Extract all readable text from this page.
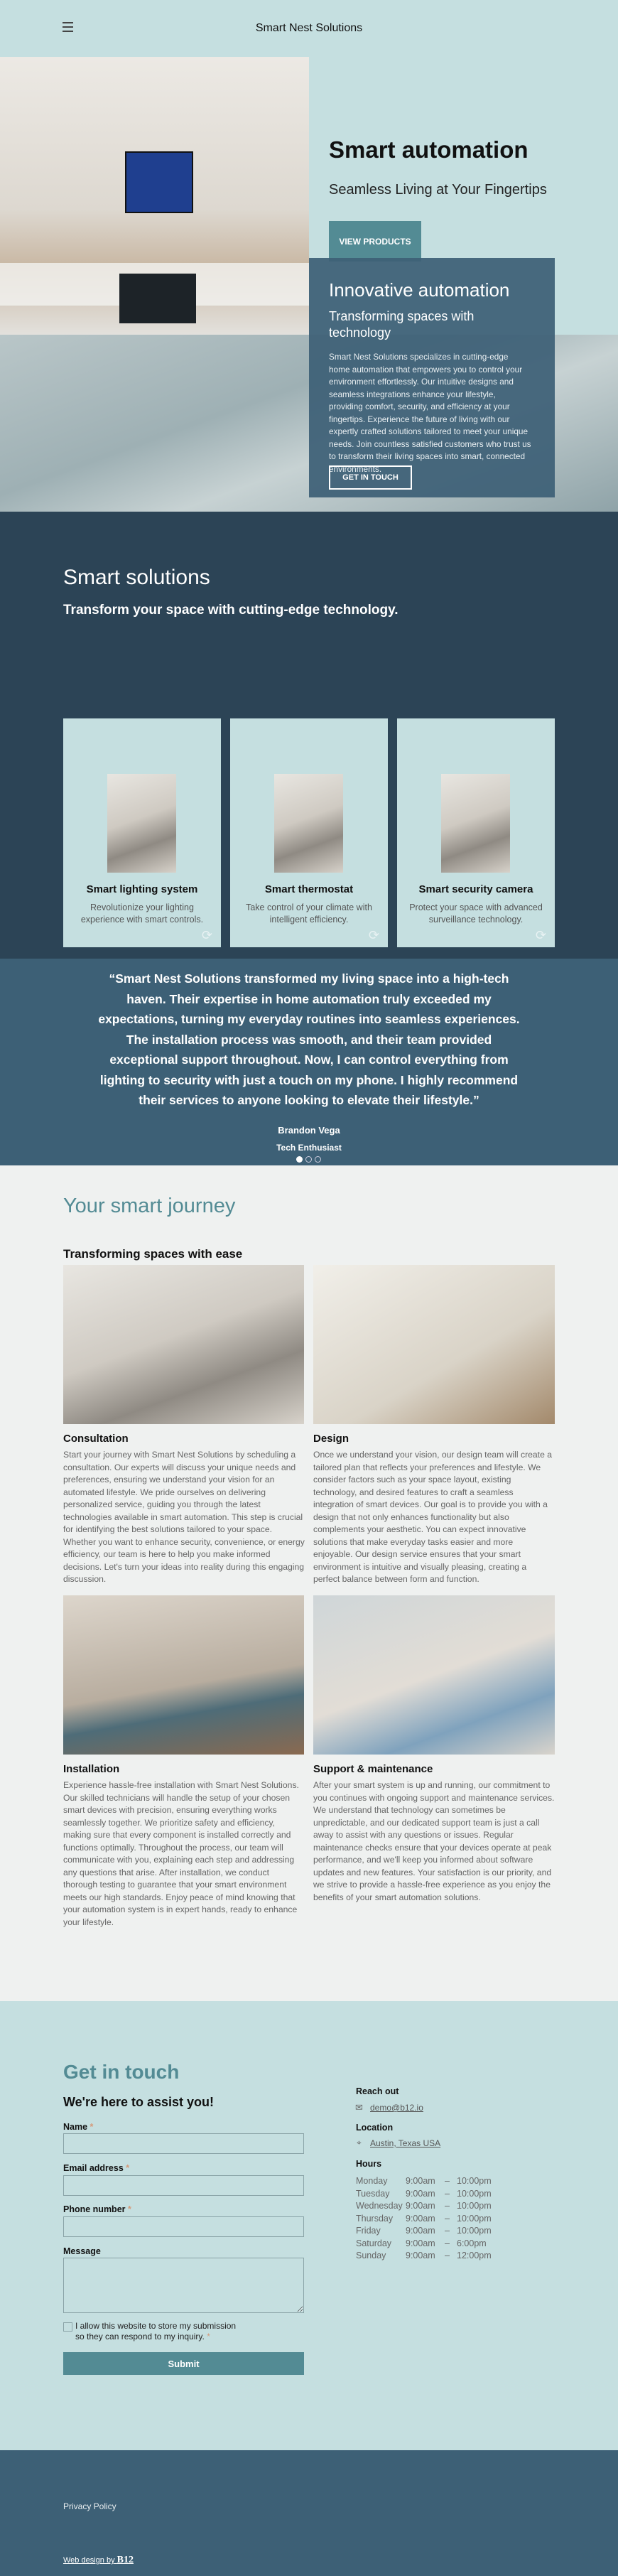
Smart Nest Solutions
Smart automation
Seamless Living at Your Fingertips
VIEW PRODUCTS
Innovative automation
Transforming spaces with technology

Smart Nest Solutions specializes in cutting-edge home automation that empowers you to control your environment effortlessly. Our intuitive designs and seamless integrations enhance your lifestyle, providing comfort, security, and efficiency at your fingertips. Experience the future of living with our expertly crafted solutions tailored to meet your unique needs. Join countless satisfied customers who trust us to transform their living spaces into smart, connected environments.

GET IN TOUCH
Smart solutions
Transform your space with cutting-edge technology.
Smart lighting system

Revolutionize your lighting experience with smart controls.

⟳
Smart thermostat

Take control of your climate with intelligent efficiency.

⟳
Smart security camera

Protect your space with advanced surveillance technology.

⟳

“Smart Nest Solutions transformed my living space into a high-tech haven. Their expertise in home automation truly exceeded my expectations, turning my everyday routines into seamless experiences. The installation process was smooth, and their team provided exceptional support throughout. Now, I can control everything from lighting to security with just a touch on my phone. I highly recommend their services to anyone looking to elevate their lifestyle.”

Brandon Vega
Tech Enthusiast
Your smart journey
Transforming spaces with ease
Consultation

Start your journey with Smart Nest Solutions by scheduling a consultation. Our experts will discuss your unique needs and preferences, ensuring we understand your vision for an automated lifestyle. We pride ourselves on delivering personalized service, guiding you through the latest technologies available in smart automation. This step is crucial for identifying the best solutions tailored to your space. Whether you want to enhance security, convenience, or energy efficiency, our team is here to help you make informed decisions. Let's turn your ideas into reality during this engaging discussion.

Design

Once we understand your vision, our design team will create a tailored plan that reflects your preferences and lifestyle. We consider factors such as your space layout, existing technology, and desired features to craft a seamless integration of smart devices. Our goal is to provide you with a design that not only enhances functionality but also complements your aesthetic. You can expect innovative solutions that make everyday tasks easier and more enjoyable. Our design service ensures that your smart environment is intuitive and visually pleasing, creating a perfect balance between form and function.

Installation

Experience hassle-free installation with Smart Nest Solutions. Our skilled technicians will handle the setup of your chosen smart devices with precision, ensuring everything works seamlessly together. We prioritize safety and efficiency, making sure that every component is installed correctly and functions optimally. Throughout the process, our team will communicate with you, explaining each step and addressing any questions that arise. After installation, we conduct thorough testing to guarantee that your smart environment meets our high standards. Enjoy peace of mind knowing that your automation system is in expert hands, ready to enhance your lifestyle.

Support & maintenance

After your smart system is up and running, our commitment to you continues with ongoing support and maintenance services. We understand that technology can sometimes be unpredictable, and our dedicated support team is just a call away to assist with any questions or issues. Regular maintenance checks ensure that your devices operate at peak performance, and we'll keep you informed about software updates and new features. Your satisfaction is our priority, and we strive to provide a hassle-free experience as you enjoy the benefits of your smart automation solutions.

Get in touch
We're here to assist you!
Name *
Email address *
Phone number *
Message
I allow this website to store my submission so they can respond to my inquiry. *
Submit
Reach out
✉ demo@b12.io
Location
⌖ Austin, Texas USA
Hours
Monday 9:00am – 10:00pm
Tuesday 9:00am – 10:00pm
Wednesday 9:00am – 10:00pm
Thursday 9:00am – 10:00pm
Friday	9:00am – 10:00pm
Saturday 9:00am – 6:00pm
Sunday 9:00am – 12:00pm
Privacy Policy
Web design by B12
